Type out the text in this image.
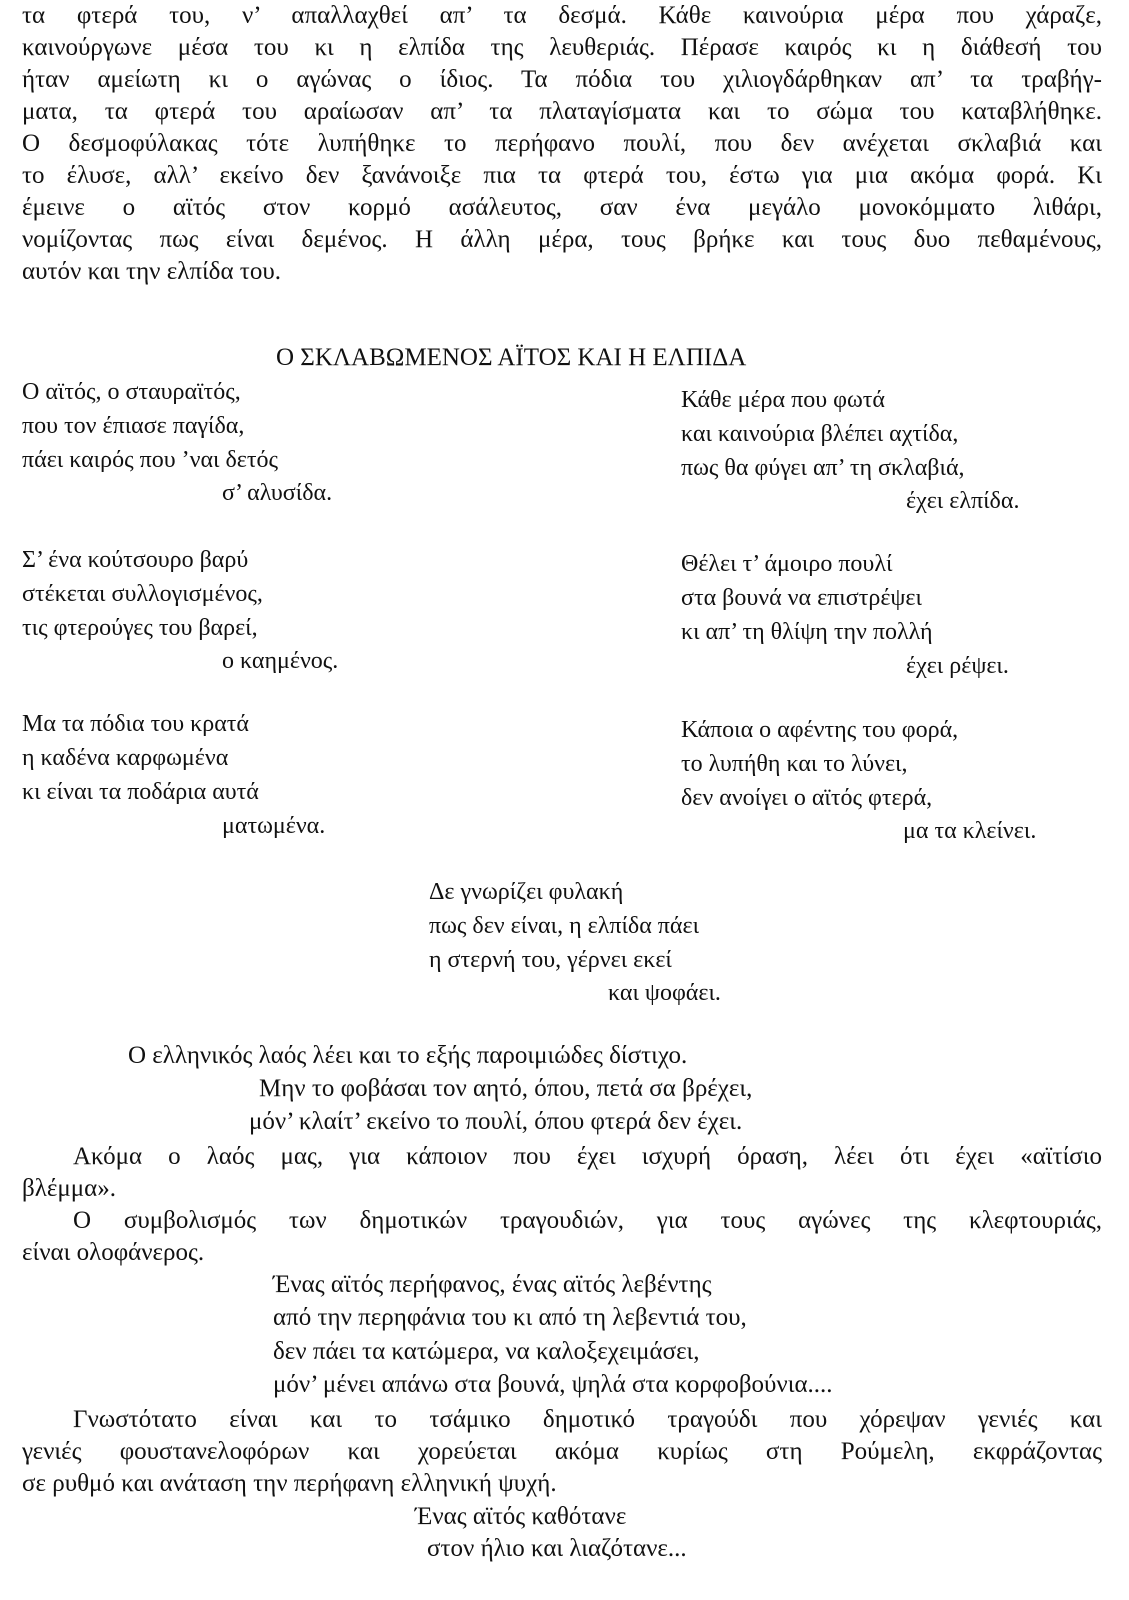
τα φτερά του, ν’ απαλλαχθεί απ’ τα δεσμά. Κάθε καινούρια μέρα που χάραζε,
καινούργωνε μέσα του κι η ελπίδα της λευθεριάς. Πέρασε καιρός κι η διάθεσή του
ήταν αμείωτη κι ο αγώνας ο ίδιος. Τα πόδια του χιλιογδάρθηκαν απ’ τα τραβήγ-
ματα, τα φτερά του αραίωσαν απ’ τα πλαταγίσματα και το σώμα του καταβλήθηκε.
Ο δεσμοφύλακας τότε λυπήθηκε το περήφανο πουλί, που δεν ανέχεται σκλαβιά και
το έλυσε, αλλ’ εκείνο δεν ξανάνοιξε πια τα φτερά του, έστω για μια ακόμα φορά. Κι
έμεινε ο αϊτός στον κορμό ασάλευτος, σαν ένα μεγάλο μονοκόμματο λιθάρι,
νομίζοντας πως είναι δεμένος. Η άλλη μέρα, τους βρήκε και τους δυο πεθαμένους,
αυτόν και την ελπίδα του.
Ο ΣΚΛΑΒΩΜΕΝΟΣ ΑΪΤΟΣ ΚΑΙ Η ΕΛΠΙΔΑ
Ο αϊτός, ο σταυραϊτός,
που τον έπιασε παγίδα,
πάει καιρός που ’ναι δετός
σ’ αλυσίδα.
Σ’ ένα κούτσουρο βαρύ
στέκεται συλλογισμένος,
τις φτερούγες του βαρεί,
ο καημένος.
Μα τα πόδια του κρατά
η καδένα καρφωμένα
κι είναι τα ποδάρια αυτά
ματωμένα.
Κάθε μέρα που φωτά
και καινούρια βλέπει αχτίδα,
πως θα φύγει απ’ τη σκλαβιά,
έχει ελπίδα.
Θέλει τ’ άμοιρο πουλί
στα βουνά να επιστρέψει
κι απ’ τη θλίψη την πολλή
έχει ρέψει.
Κάποια ο αφέντης του φορά,
το λυπήθη και το λύνει,
δεν ανοίγει ο αϊτός φτερά,
μα τα κλείνει.
Δε γνωρίζει φυλακή
πως δεν είναι, η ελπίδα πάει
η στερνή του, γέρνει εκεί
και ψοφάει.
Ο ελληνικός λαός λέει και το εξής παροιμιώδες δίστιχο.
Μην το φοβάσαι τον αητό, όπου, πετά σα βρέχει,
μόν’ κλαίτ’ εκείνο το πουλί, όπου φτερά δεν έχει.
Ακόμα ο λαός μας, για κάποιον που έχει ισχυρή όραση, λέει ότι έχει «αϊτίσιο
βλέμμα».
Ο συμβολισμός των δημοτικών τραγουδιών, για τους αγώνες της κλεφτουριάς,
είναι ολοφάνερος.
Ένας αϊτός περήφανος, ένας αϊτός λεβέντης
από την περηφάνια του κι από τη λεβεντιά του,
δεν πάει τα κατώμερα, να καλοξεχειμάσει,
μόν’ μένει απάνω στα βουνά, ψηλά στα κορφοβούνια....
Γνωστότατο είναι και το τσάμικο δημοτικό τραγούδι που χόρεψαν γενιές και
γενιές φουστανελοφόρων και χορεύεται ακόμα κυρίως στη Ρούμελη, εκφράζοντας
σε ρυθμό και ανάταση την περήφανη ελληνική ψυχή.
Ένας αϊτός καθότανε
στον ήλιο και λιαζότανε...
